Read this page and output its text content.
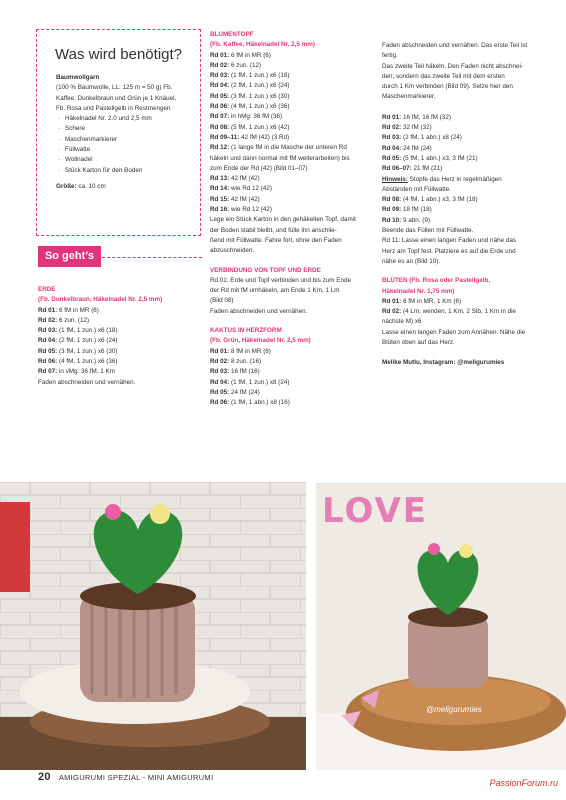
Was wird benötigt?
Baumwollgarn
(100 % Baumwolle, LL: 125 m = 50 g) Fb.
Kaffee, Dunkelbraun und Grün je 1 Knäuel,
Fb. Rosa und Pastellgelb in Restmengen
· Häkelnadel Nr. 2.0 und 2,5 mm
· Schere
· Maschenmarkierer
· Füllwatte
· Wollnadel
· Stück Karton für den Boden
Größe: ca. 10 cm
So geht’s
ERDE
(Fb. Dunkelbraun, Häkelnadel Nr. 2,5 mm)
Rd 01: 6 fM in MR (6)
Rd 02: 6 zun. (12)
Rd 03: (1 fM, 1 zun.) x6 (18)
Rd 04: (2 fM, 1 zun.) x6 (24)
Rd 05: (3 fM, 1 zun.) x6 (30)
Rd 06: (4 fM, 1 zun.) x6 (36)
Rd 07: in vMg: 36 fM, 1 Km
Faden abschneiden und vernähen.
BLUMENTOPF
(Fb. Kaffee, Häkelnadel Nr. 2,5 mm)
Rd 01: 6 fM in MR (6)
Rd 02: 6 zun. (12)
Rd 03: (1 fM, 1 zun.) x6 (18)
Rd 04: (2 fM, 1 zun.) x6 (24)
Rd 05: (3 fM, 1 zun.) x6 (30)
Rd 06: (4 fM, 1 zun.) x6 (36)
Rd 07: in hMg: 36 fM (36)
Rd 08: (5 fM, 1 zun.) x6 (42)
Rd 09–11: 42 fM (42) (3 Rd)
Rd 12: (1 lange fM in die Masche der unteren Rd
häkeln und dann normal mit fM weiterarbeiten) bis
zum Ende der Rd (42) (Bild 01–07)
Rd 13: 42 fM (42)
Rd 14: wie Rd 12 (42)
Rd 15: 42 fM (42)
Rd 16: wie Rd 12 (42)
Lege ein Stück Karton in den gehäkelten Topf, damit
der Boden stabil bleibt, und fülle ihn anschlie-
ßend mit Füllwatte. Fahre fort, ohne den Faden
abzuschneiden.
VERBINDUNG VON TOPF UND ERDE
Rd 01: Erde und Topf verbinden und bis zum Ende
der Rd mit fM umhäkeln, am Ende 1 Km, 1 Lm
(Bild 08)
Faden abschneiden und vernähen.
KAKTUS IN HERZFORM
(Fb. Grün, Häkelnadel Nr. 2,5 mm)
Rd 01: 8 fM in MR (8)
Rd 02: 8 zun. (16)
Rd 03: 16 fM (16)
Rd 04: (1 fM, 1 zun.) x8 (24)
Rd 05: 24 fM (24)
Rd 06: (1 fM, 1 abn.) x8 (16)
Faden abschneiden und vernähen. Das erste Teil ist
fertig.
Das zweite Teil häkeln. Den Faden nicht abschnei-
den, sondern das zweite Teil mit dem ersten
durch 1 Km verbinden (Bild 09). Setze hier den
Maschenmarkierer.
Rd 01: 16 fM, 16 fM (32)
Rd 02: 32 fM (32)
Rd 03: (2 fM, 1 abn.) x8 (24)
Rd 04: 24 fM (24)
Rd 05: (5 fM, 1 abn.) x3, 3 fM (21)
Rd 06–07: 21 fM (21)
Hinweis: Stopfe das Herz in regelmäßigen
Abständen mit Füllwatte.
Rd 08: (4 fM, 1 abn.) x3, 3 fM (18)
Rd 09: 18 fM (18)
Rd 10: 9 abn. (9)
Beende das Füllen mit Füllwatte.
Rd 11: Lasse einen langen Faden und nähe das
Herz am Topf fest. Platziere es auf die Erde und
nähe es an (Bild 10).
BLÜTEN (Fb. Rosa oder Pastellgelb,
Häkelnadel Nr. 1,75 mm)
Rd 01: 6 fM in MR, 1 Km (6)
Rd 02: (4 Lm, wenden, 1 Km, 2 Stb, 1 Km in die
nächste M) x6
Lasse einen langen Faden zum Annähen. Nähe die
Blüten oben auf das Herz.
Melike Mutlu, Instagram: @meligurumies
LOVE
@meligurumies
20 AMIGURUMI SPEZIAL - MINI AMIGURUMI
PassionForum.ru
